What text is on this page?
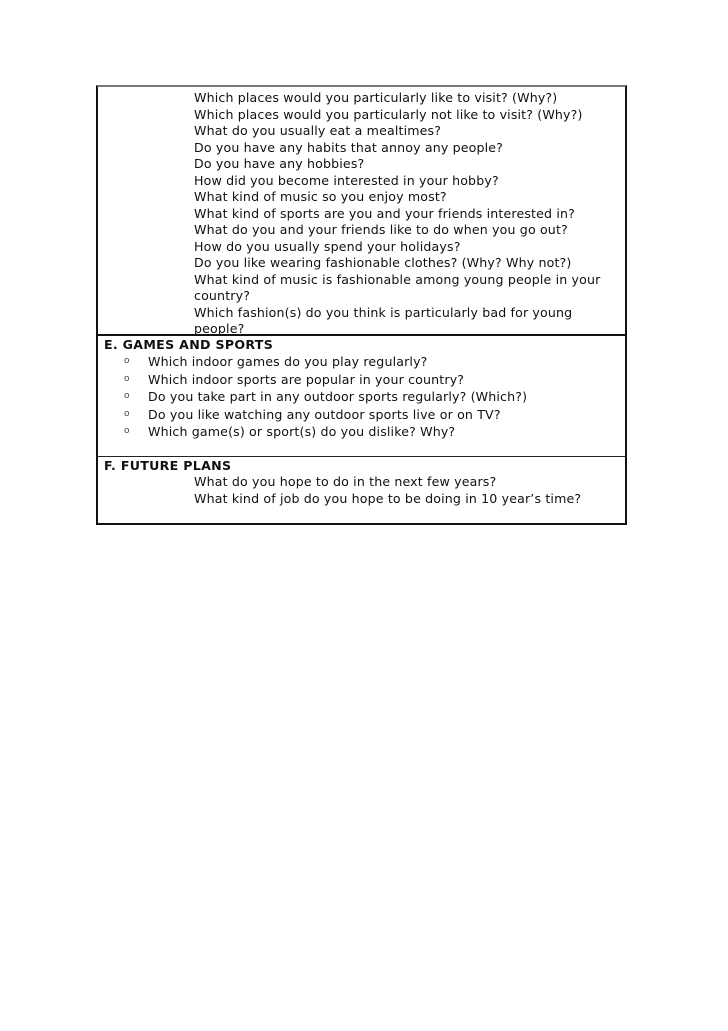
Which places would you particularly like to visit? (Why?)
Which places would you particularly not like to visit? (Why?)
What do you usually eat a mealtimes?
Do you have any habits that annoy any people?
Do you have any hobbies?
How did you become interested in your hobby?
What kind of music so you enjoy most?
What kind of sports are you and your friends interested in?
What do you and your friends like to do when you go out?
How do you usually spend your holidays?
Do you like wearing fashionable clothes? (Why? Why not?)
What kind of music is fashionable among young people in your
country?
Which fashion(s) do you think is particularly bad for young
people?
E. GAMES AND SPORTS
o	Which indoor games do you play regularly?
o	Which indoor sports are popular in your country?
o	Do you take part in any outdoor sports regularly? (Which?)
o	Do you like watching any outdoor sports live or on TV?
o	Which game(s) or sport(s) do you dislike? Why?
F. FUTURE PLANS
What do you hope to do in the next few years?
What kind of job do you hope to be doing in 10 year’s time?
